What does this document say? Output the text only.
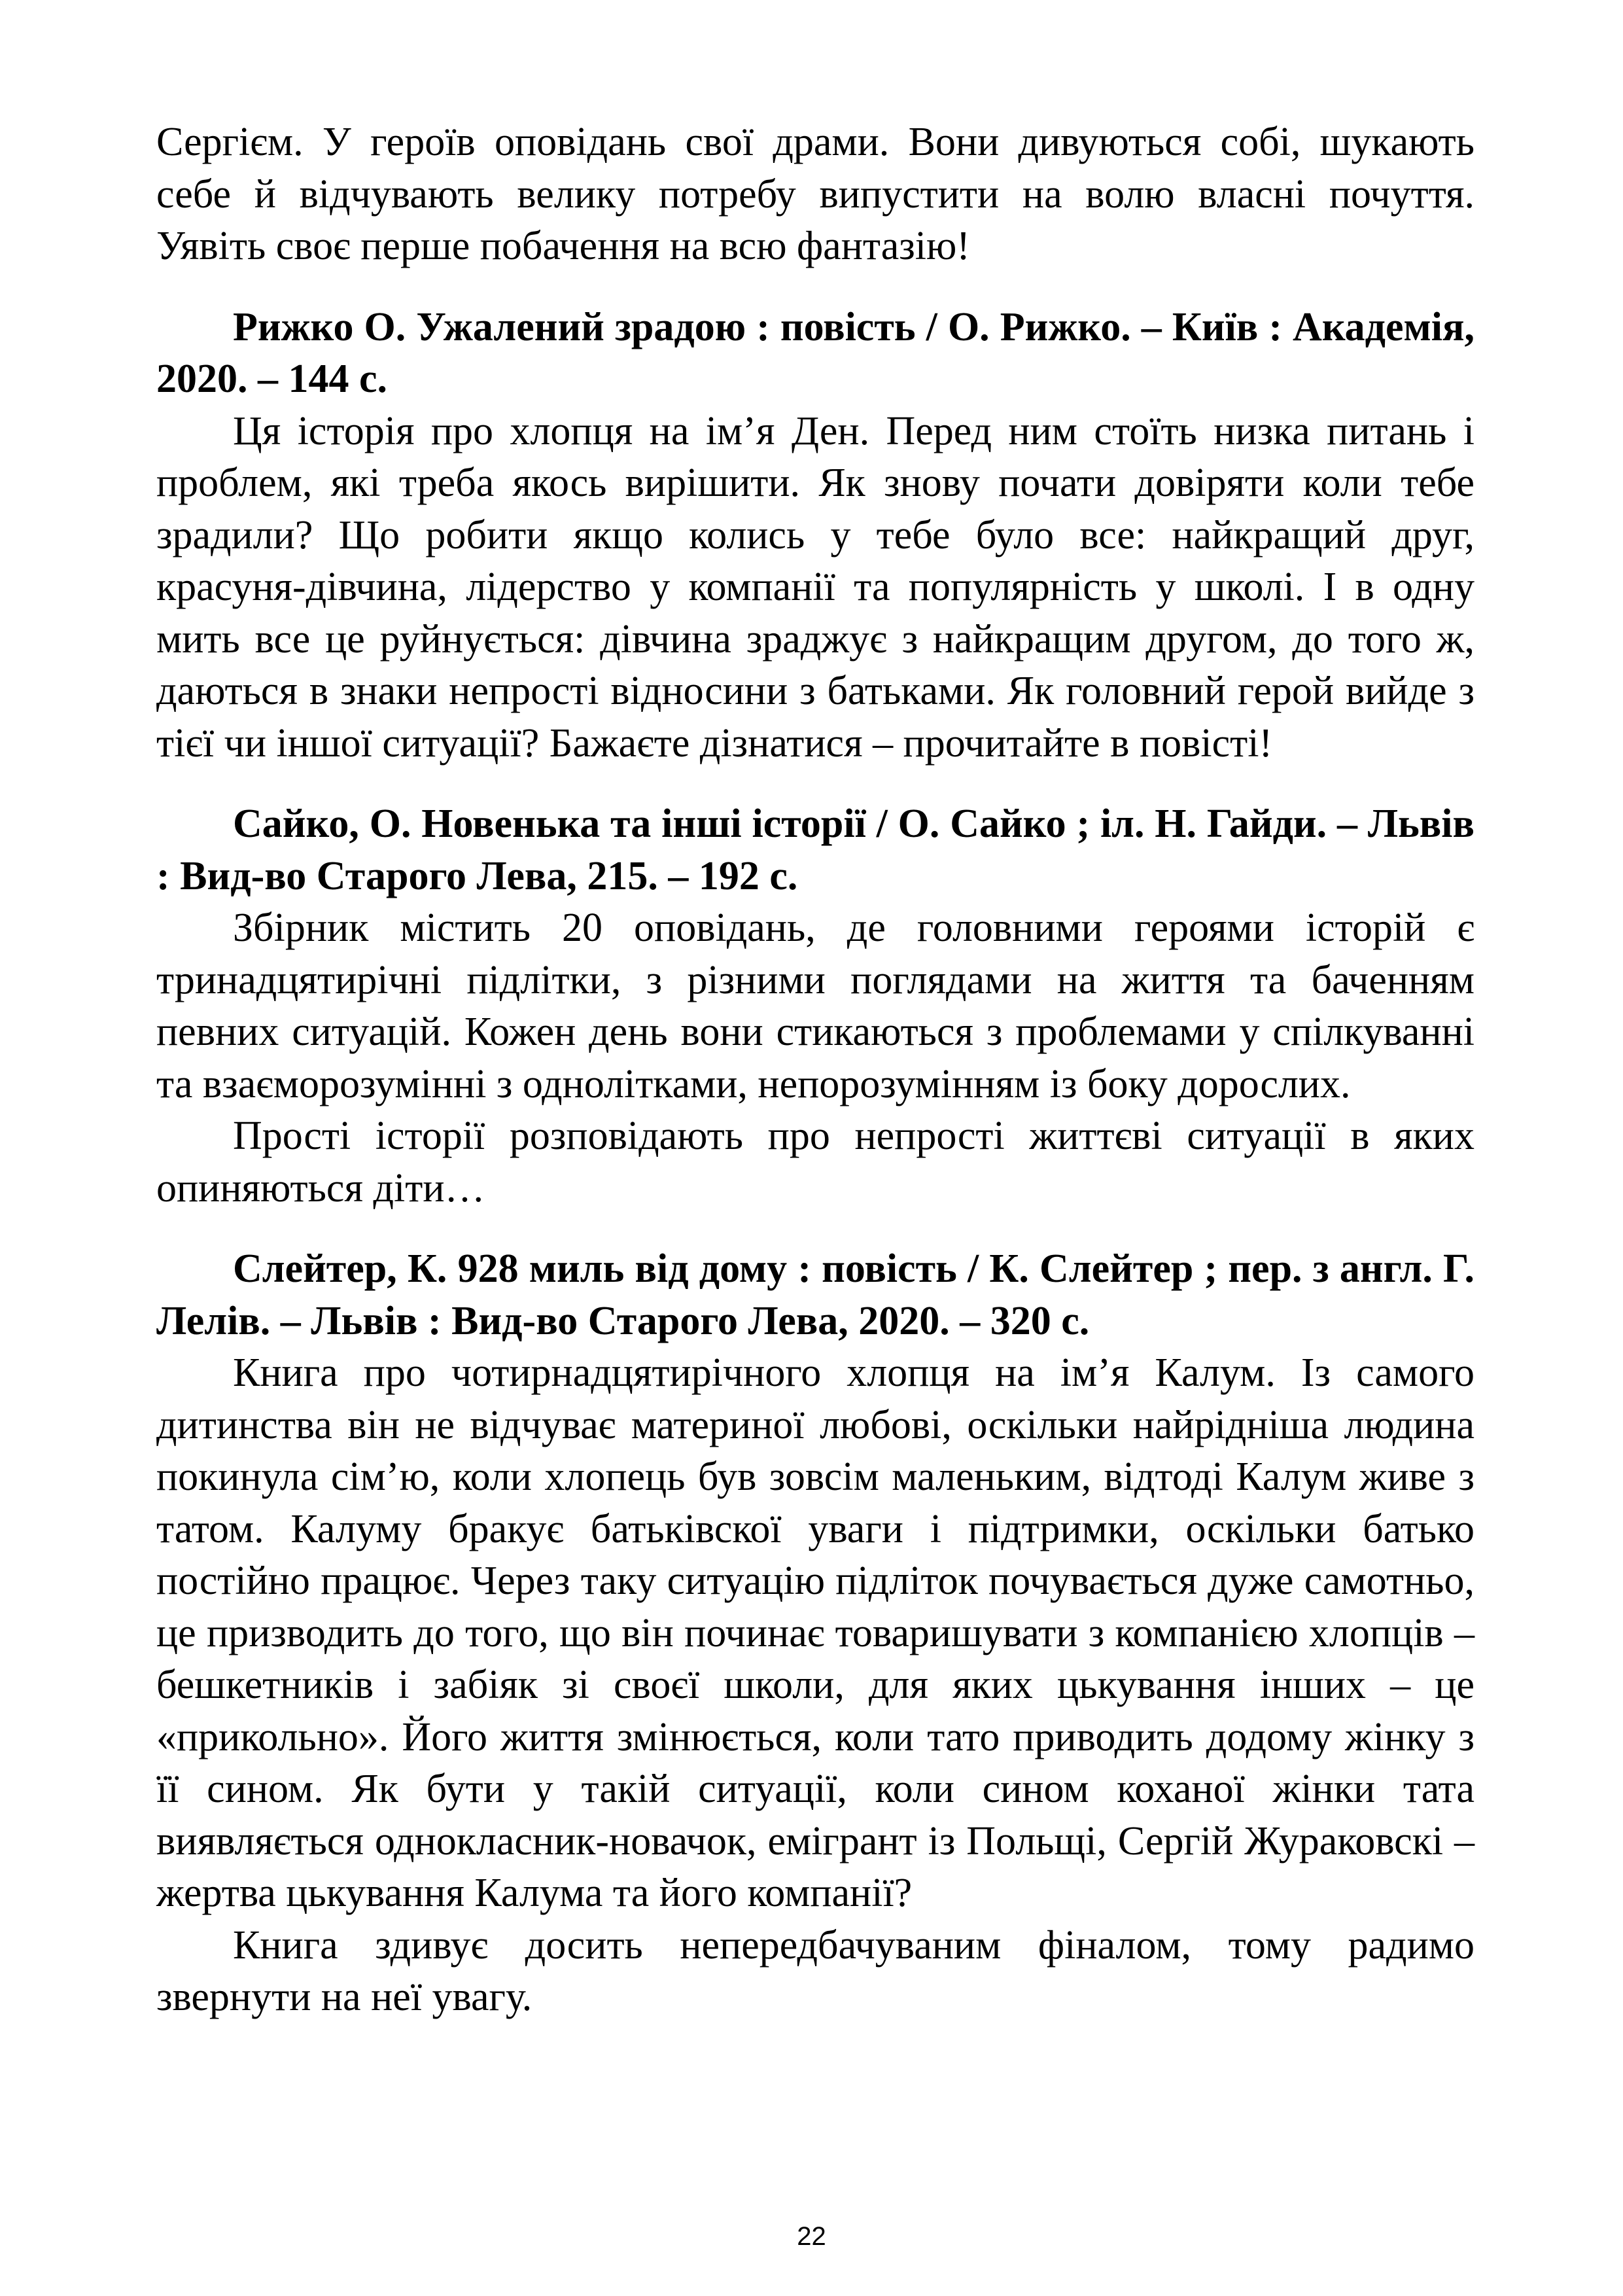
Сергієм. У героїв оповідань свої драми. Вони дивуються собі, шукають себе й відчувають велику потребу випустити на волю власні почуття. Уявіть своє перше побачення на всю фантазію!

Рижко О. Ужалений зрадою : повість / О. Рижко. – Київ : Академія, 2020. – 144 с.

Ця історія про хлопця на ім’я Ден. Перед ним стоїть низка питань і проблем, які треба якось вирішити. Як знову почати довіряти коли тебе зрадили? Що робити якщо колись у тебе було все: найкращий друг, красуня-дівчина, лідерство у компанії та популярність у школі. І в одну мить все це руйнується: дівчина зраджує з найкращим другом, до того ж, даються в знаки непрості відносини з батьками. Як головний герой вийде з тієї чи іншої ситуації? Бажаєте дізнатися – прочитайте в повісті!

Сайко, О. Новенька та інші історії / О. Сайко ; іл. Н. Гайди. – Львів : Вид-во Старого Лева, 215. – 192 с.

Збірник містить 20 оповідань, де головними героями історій є тринадцятирічні підлітки, з різними поглядами на життя та баченням певних ситуацій. Кожен день вони стикаються з проблемами у спілкуванні та взаєморозумінні з однолітками, непорозумінням із боку дорослих.

Прості історії розповідають про непрості життєві ситуації в яких опиняються діти…

Слейтер, К. 928 миль від дому : повість / К. Слейтер ; пер. з англ. Г. Лелів. – Львів : Вид-во Старого Лева, 2020. – 320 с.

Книга про чотирнадцятирічного хлопця на ім’я Калум. Із самого дитинства він не відчуває материної любові, оскільки найрідніша людина покинула сім’ю, коли хлопець був зовсім маленьким, відтоді Калум живе з татом. Калуму бракує батьківскої уваги і підтримки, оскільки батько постійно працює. Через таку ситуацію підліток почувається дуже самотньо, це призводить до того, що він починає товаришувати з компанією хлопців – бешкетників і забіяк зі своєї школи, для яких цькування інших – це «прикольно». Його життя змінюється, коли тато приводить додому жінку з її сином. Як бути у такій ситуації, коли сином коханої жінки тата виявляється однокласник-новачок, емігрант із Польщі, Сергій Жураковскі – жертва цькування Калума та його компанії?

Книга здивує досить непередбачуваним фіналом, тому радимо звернути на неї увагу.

22
